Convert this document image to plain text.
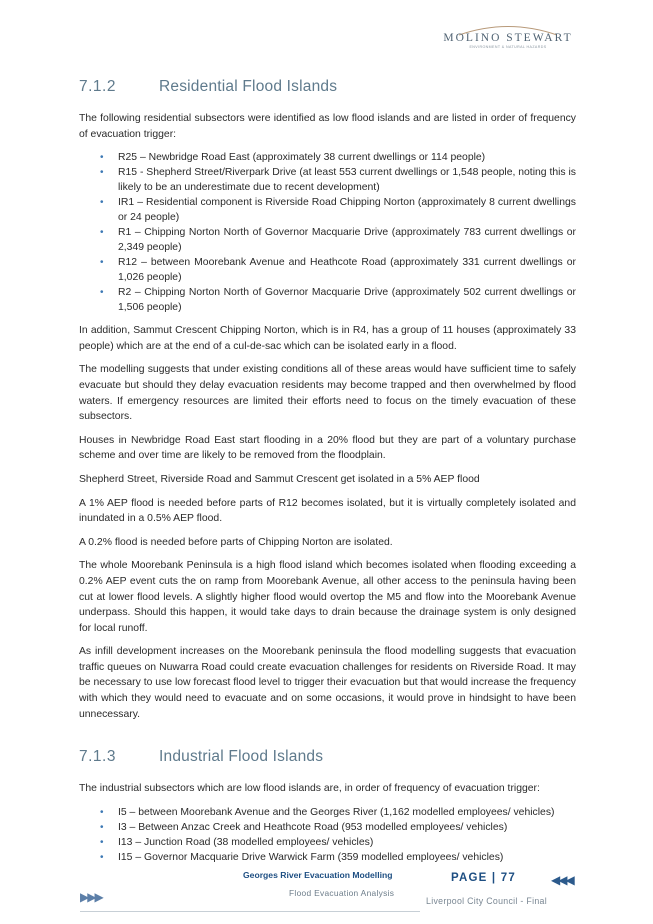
MOLINO STEWART
ENVIRONMENT & NATURAL HAZARDS
7.1.2	Residential Flood Islands

The following residential subsectors were identified as low flood islands and are listed in order of frequency of evacuation trigger:

• R25 – Newbridge Road East (approximately 38 current dwellings or 114 people)
• R15 - Shepherd Street/Riverpark Drive (at least 553 current dwellings or 1,548 people, noting this is likely to be an underestimate due to recent development)
• IR1 – Residential component is Riverside Road Chipping Norton (approximately 8 current dwellings or 24 people)
• R1 – Chipping Norton North of Governor Macquarie Drive (approximately 783 current dwellings or 2,349 people)
• R12 – between Moorebank Avenue and Heathcote Road (approximately 331 current dwellings or 1,026 people)
• R2 – Chipping Norton North of Governor Macquarie Drive (approximately 502 current dwellings or 1,506 people)

In addition, Sammut Crescent Chipping Norton, which is in R4, has a group of 11 houses (approximately 33 people) which are at the end of a cul-de-sac which can be isolated early in a flood.

The modelling suggests that under existing conditions all of these areas would have sufficient time to safely evacuate but should they delay evacuation residents may become trapped and then overwhelmed by flood waters. If emergency resources are limited their efforts need to focus on the timely evacuation of these subsectors.

Houses in Newbridge Road East start flooding in a 20% flood but they are part of a voluntary purchase scheme and over time are likely to be removed from the floodplain.

Shepherd Street, Riverside Road and Sammut Crescent get isolated in a 5% AEP flood

A 1% AEP flood is needed before parts of R12 becomes isolated, but it is virtually completely isolated and inundated in a 0.5% AEP flood.

A 0.2% flood is needed before parts of Chipping Norton are isolated.

The whole Moorebank Peninsula is a high flood island which becomes isolated when flooding exceeding a 0.2% AEP event cuts the on ramp from Moorebank Avenue, all other access to the peninsula having been cut at lower flood levels. A slightly higher flood would overtop the M5 and flow into the Moorebank Avenue underpass. Should this happen, it would take days to drain because the drainage system is only designed for local runoff.

As infill development increases on the Moorebank peninsula the flood modelling suggests that evacuation traffic queues on Nuwarra Road could create evacuation challenges for residents on Riverside Road. It may be necessary to use low forecast flood level to trigger their evacuation but that would increase the frequency with which they would need to evacuate and on some occasions, it would prove in hindsight to have been unnecessary.

7.1.3	Industrial Flood Islands

The industrial subsectors which are low flood islands are, in order of frequency of evacuation trigger:

• I5 – between Moorebank Avenue and the Georges River (1,162 modelled employees/ vehicles)
• I3 – Between Anzac Creek and Heathcote Road (953 modelled employees/ vehicles)
• I13 – Junction Road (38 modelled employees/ vehicles)
• I15 – Governor Macquarie Drive Warwick Farm (359 modelled employees/ vehicles)
Georges River Evacuation Modelling
Flood Evacuation Analysis
PAGE | 77	◀◀◀
▶▶▶	Liverpool City Council - Final
